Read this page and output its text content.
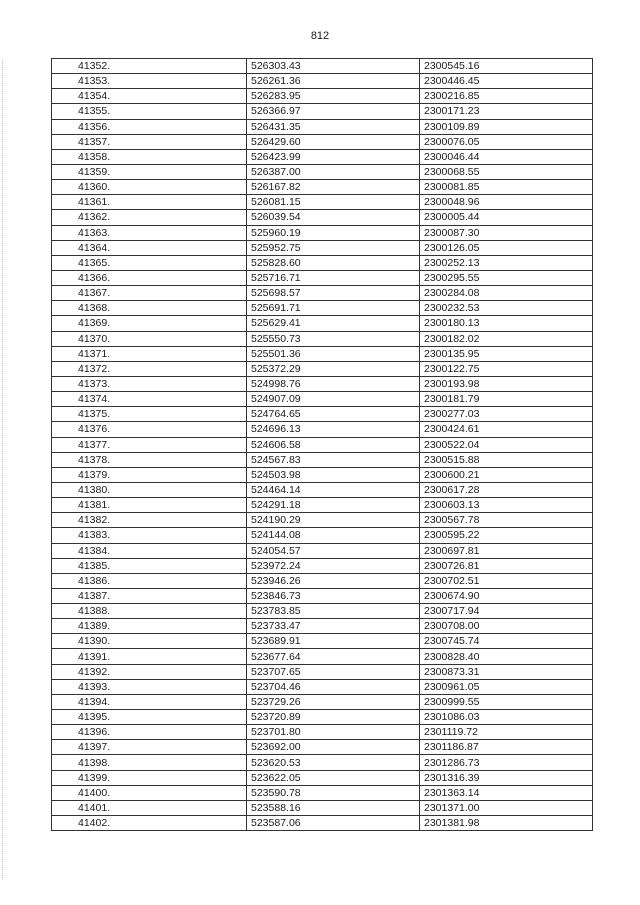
812
41352.	526303.43	2300545.16
41353.	526261.36	2300446.45
41354.	526283.95	2300216.85
41355.	526366.97	2300171.23
41356.	526431.35	2300109.89
41357.	526429.60	2300076.05
41358.	526423.99	2300046.44
41359.	526387.00	2300068.55
41360.	526167.82	2300081.85
41361.	526081.15	2300048.96
41362.	526039.54	2300005.44
41363.	525960.19	2300087.30
41364.	525952.75	2300126.05
41365.	525828.60	2300252.13
41366.	525716.71	2300295.55
41367.	525698.57	2300284.08
41368.	525691.71	2300232.53
41369.	525629.41	2300180.13
41370.	525550.73	2300182.02
41371.	525501.36	2300135.95
41372.	525372.29	2300122.75
41373.	524998.76	2300193.98
41374.	524907.09	2300181.79
41375.	524764.65	2300277.03
41376.	524696.13	2300424.61
41377.	524606.58	2300522.04
41378.	524567.83	2300515.88
41379.	524503.98	2300600.21
41380.	524464.14	2300617.28
41381.	524291.18	2300603.13
41382.	524190.29	2300567.78
41383.	524144.08	2300595.22
41384.	524054.57	2300697.81
41385.	523972.24	2300726.81
41386.	523946.26	2300702.51
41387.	523846.73	2300674.90
41388.	523783.85	2300717.94
41389.	523733.47	2300708.00
41390.	523689.91	2300745.74
41391.	523677.64	2300828.40
41392.	523707.65	2300873.31
41393.	523704.46	2300961.05
41394.	523729.26	2300999.55
41395.	523720.89	2301086.03
41396.	523701.80	2301119.72
41397.	523692.00	2301186.87
41398.	523620.53	2301286.73
41399.	523622.05	2301316.39
41400.	523590.78	2301363.14
41401.	523588.16	2301371.00
41402.	523587.06	2301381.98
